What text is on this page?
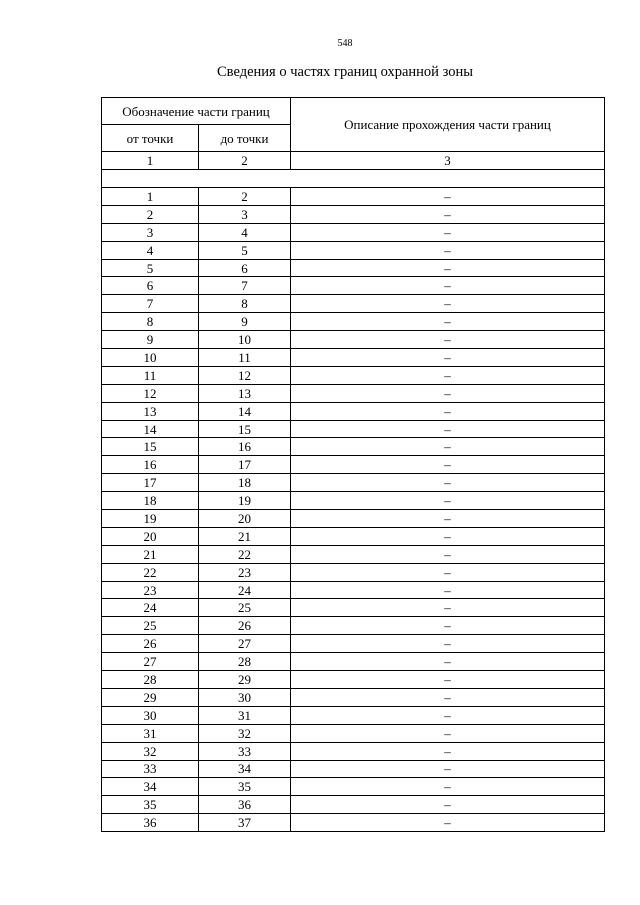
548
Сведения о частях границ охранной зоны
Обозначение части границ		Описание прохождения части границ
от точки	до точки	
1	2	3

1	2	–
2	3	–
3	4	–
4	5	–
5	6	–
6	7	–
7	8	–
8	9	–
9	10	–
10	11	–
11	12	–
12	13	–
13	14	–
14	15	–
15	16	–
16	17	–
17	18	–
18	19	–
19	20	–
20	21	–
21	22	–
22	23	–
23	24	–
24	25	–
25	26	–
26	27	–
27	28	–
28	29	–
29	30	–
30	31	–
31	32	–
32	33	–
33	34	–
34	35	–
35	36	–
36	37	–
